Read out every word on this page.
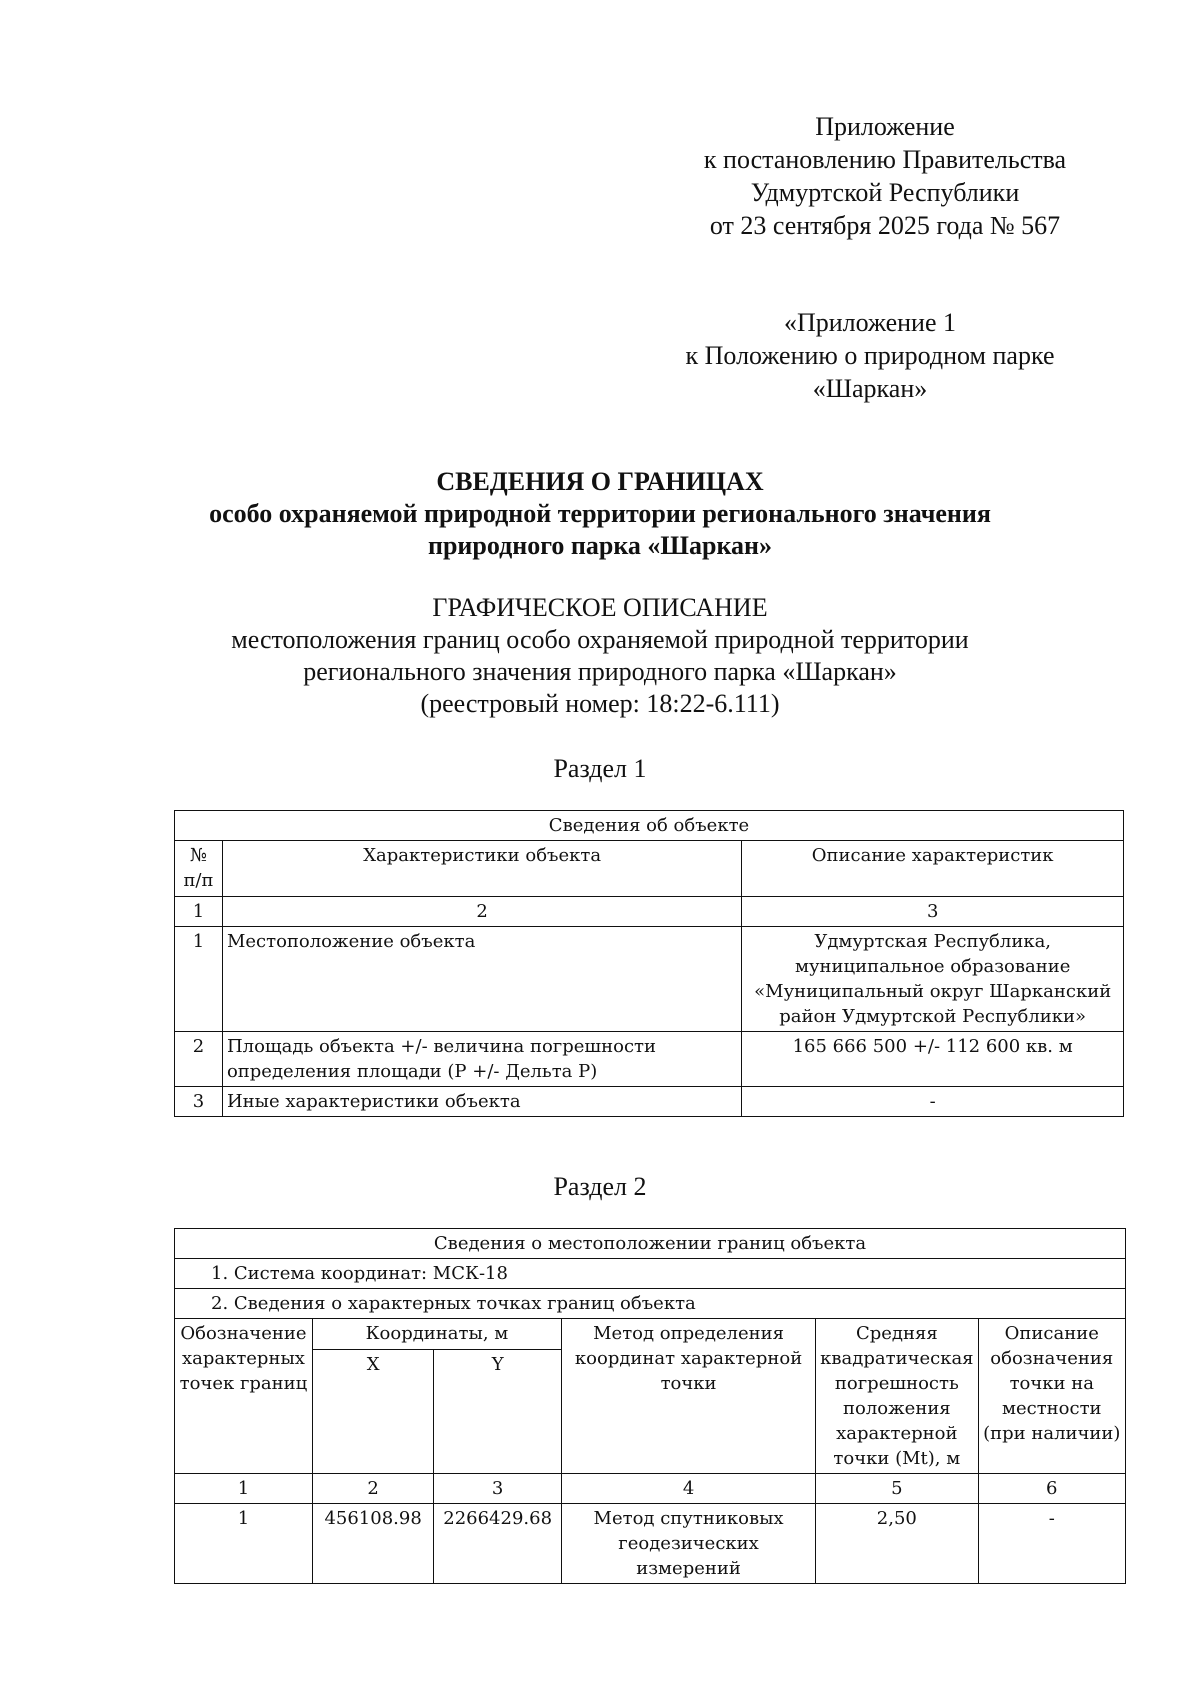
Приложение
к постановлению Правительства
Удмуртской Республики
от 23 сентября 2025 года № 567
«Приложение 1
к Положению о природном парке
«Шаркан»
СВЕДЕНИЯ О ГРАНИЦАХ
особо охраняемой природной территории регионального значения
природного парка «Шаркан»
ГРАФИЧЕСКОЕ ОПИСАНИЕ
местоположения границ особо охраняемой природной территории
регионального значения природного парка «Шаркан»
(реестровый номер: 18:22-6.111)
Раздел 1
Сведения об объекте		
№ п/п	Характеристики объекта	Описание характеристик
1	2	3
1	Местоположение объекта	Удмуртская Республика, муниципальное образование «Муниципальный округ Шарканский район Удмуртской Республики»
2	Площадь объекта +/- величина погрешности определения площади (Р +/- Дельта Р)	165 666 500 +/- 112 600 кв. м
3	Иные характеристики объекта	-
Раздел 2
Сведения о местоположении границ объекта					
1. Система координат: МСК-18					
2. Сведения о характерных точках границ объекта					
Обозначение характерных точек границ	Координаты, м		Метод определения координат характерной точки	Средняя квадратическая погрешность положения характерной точки (Mt), м	Описание обозначения точки на местности (при наличии)
	X	Y			
1	2	3	4	5	6
1	456108.98	2266429.68	Метод спутниковых геодезических измерений	2,50	-
